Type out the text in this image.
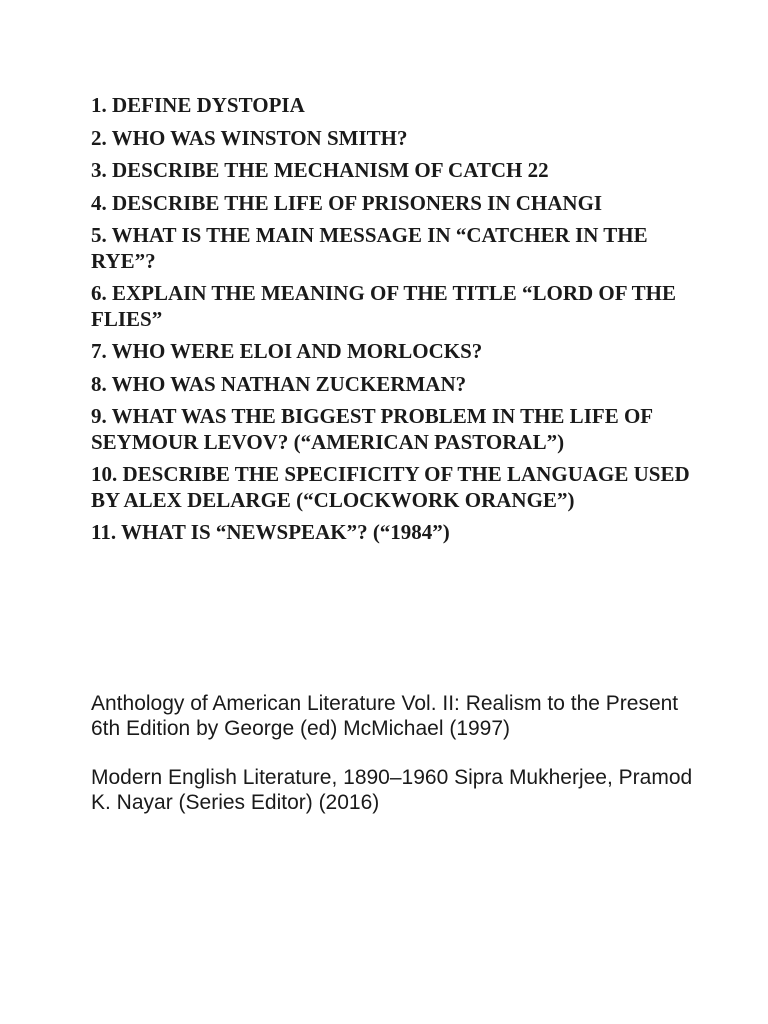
1. DEFINE DYSTOPIA
2. WHO WAS WINSTON SMITH?
3. DESCRIBE THE MECHANISM OF CATCH 22
4. DESCRIBE THE LIFE OF PRISONERS IN CHANGI
5. WHAT IS THE MAIN MESSAGE IN “CATCHER IN THE RYE”?
6. EXPLAIN THE MEANING OF THE TITLE “LORD OF THE FLIES”
7. WHO WERE ELOI AND MORLOCKS?
8. WHO WAS NATHAN ZUCKERMAN?
9. WHAT WAS THE BIGGEST PROBLEM IN THE LIFE OF SEYMOUR LEVOV? (“AMERICAN PASTORAL”)
10. DESCRIBE THE SPECIFICITY OF THE LANGUAGE USED BY ALEX DELARGE (“CLOCKWORK ORANGE”)
11. WHAT IS “NEWSPEAK”? (“1984”)

Anthology of American Literature Vol. II: Realism to the Present 6th Edition by George (ed) McMichael (1997)

Modern English Literature, 1890–1960 Sipra Mukherjee, Pramod K. Nayar (Series Editor) (2016)
